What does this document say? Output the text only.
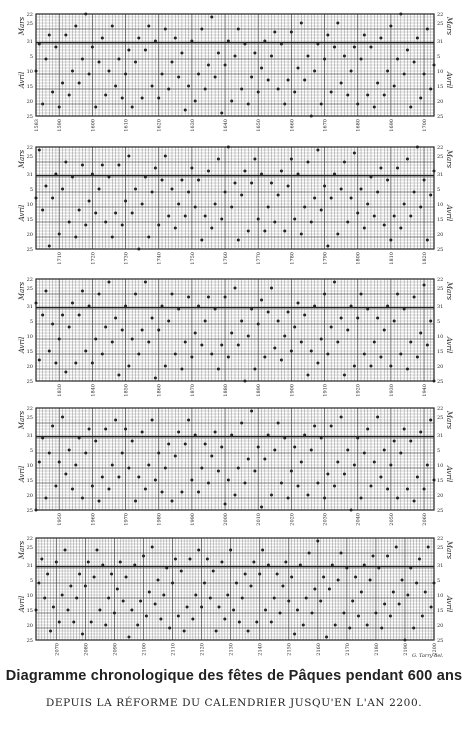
22	22
25	25
31	31
5	5
10	10
15	15
20	20
25	25
Mars	Mars
Avril	Avril
1583	1590	1600	1610	1620	1630	1640	1650	1660	1670	1680	1690	1700
22	22
25	25
31	31
5	5
10	10
15	15
20	20
25	25
Mars	Mars
Avril	Avril
1710	1720	1730	1740	1750	1760	1770	1780	1790	1800	1810	1820
22	22
25	25
31	31
5	5
10	10
15	15
20	20
25	25
Mars	Mars
Avril	Avril
1830	1840	1850	1860	1870	1880	1890	1900	1910	1920	1930	1940
22	22
25	25
31	31
5	5
10	10
15	15
20	20
25	25
Mars	Mars
Avril	Avril
1950	1960	1970	1980	1990	2000	2010	2020	2030	2040	2050	2060
22	22
25	25
31	31
5	5
10	10
15	15
20	20
25	25
Mars	Mars
Avril	Avril
2070	2080	2090	2100	2110	2120	2130	2140	2150	2160	2170	2180	2190	2200
G. Tarry del.
Diagramme chronologique des fêtes de Pâques pendant 600 ans
DEPUIS LA RÉFORME DU CALENDRIER JUSQU'EN L'AN 2200.
